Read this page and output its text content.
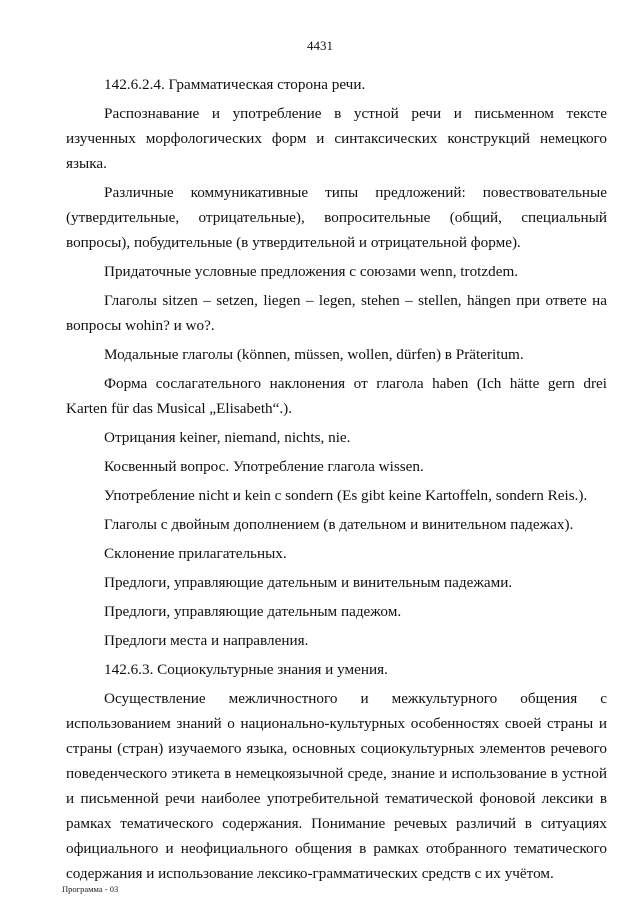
4431

142.6.2.4. Грамматическая сторона речи.

Распознавание и употребление в устной речи и письменном тексте изученных морфологических форм и синтаксических конструкций немецкого языка.

Различные коммуникативные типы предложений: повествовательные (утвердительные, отрицательные), вопросительные (общий, специальный вопросы), побудительные (в утвердительной и отрицательной форме).

Придаточные условные предложения с союзами wenn, trotzdem.

Глаголы sitzen – setzen, liegen – legen, stehen – stellen, hängen при ответе на вопросы wohin? и wo?.

Модальные глаголы (können, müssen, wollen, dürfen) в Präteritum.

Форма сослагательного наклонения от глагола haben (Ich hätte gern drei Karten für das Musical „Elisabeth“.).

Отрицания keiner, niemand, nichts, nie.

Косвенный вопрос. Употребление глагола wissen.

Употребление nicht и kein с sondern (Es gibt keine Kartoffeln, sondern Reis.).

Глаголы с двойным дополнением (в дательном и винительном падежах).

Склонение прилагательных.

Предлоги, управляющие дательным и винительным падежами.

Предлоги, управляющие дательным падежом.

Предлоги места и направления.

142.6.3. Социокультурные знания и умения.

Осуществление межличностного и межкультурного общения с использованием знаний о национально-культурных особенностях своей страны и страны (стран) изучаемого языка, основных социокультурных элементов речевого поведенческого этикета в немецкоязычной среде, знание и использование в устной и письменной речи наиболее употребительной тематической фоновой лексики в рамках тематического содержания. Понимание речевых различий в ситуациях официального и неофициального общения в рамках отобранного тематического содержания и использование лексико-грамматических средств с их учётом.

Программа - 03
